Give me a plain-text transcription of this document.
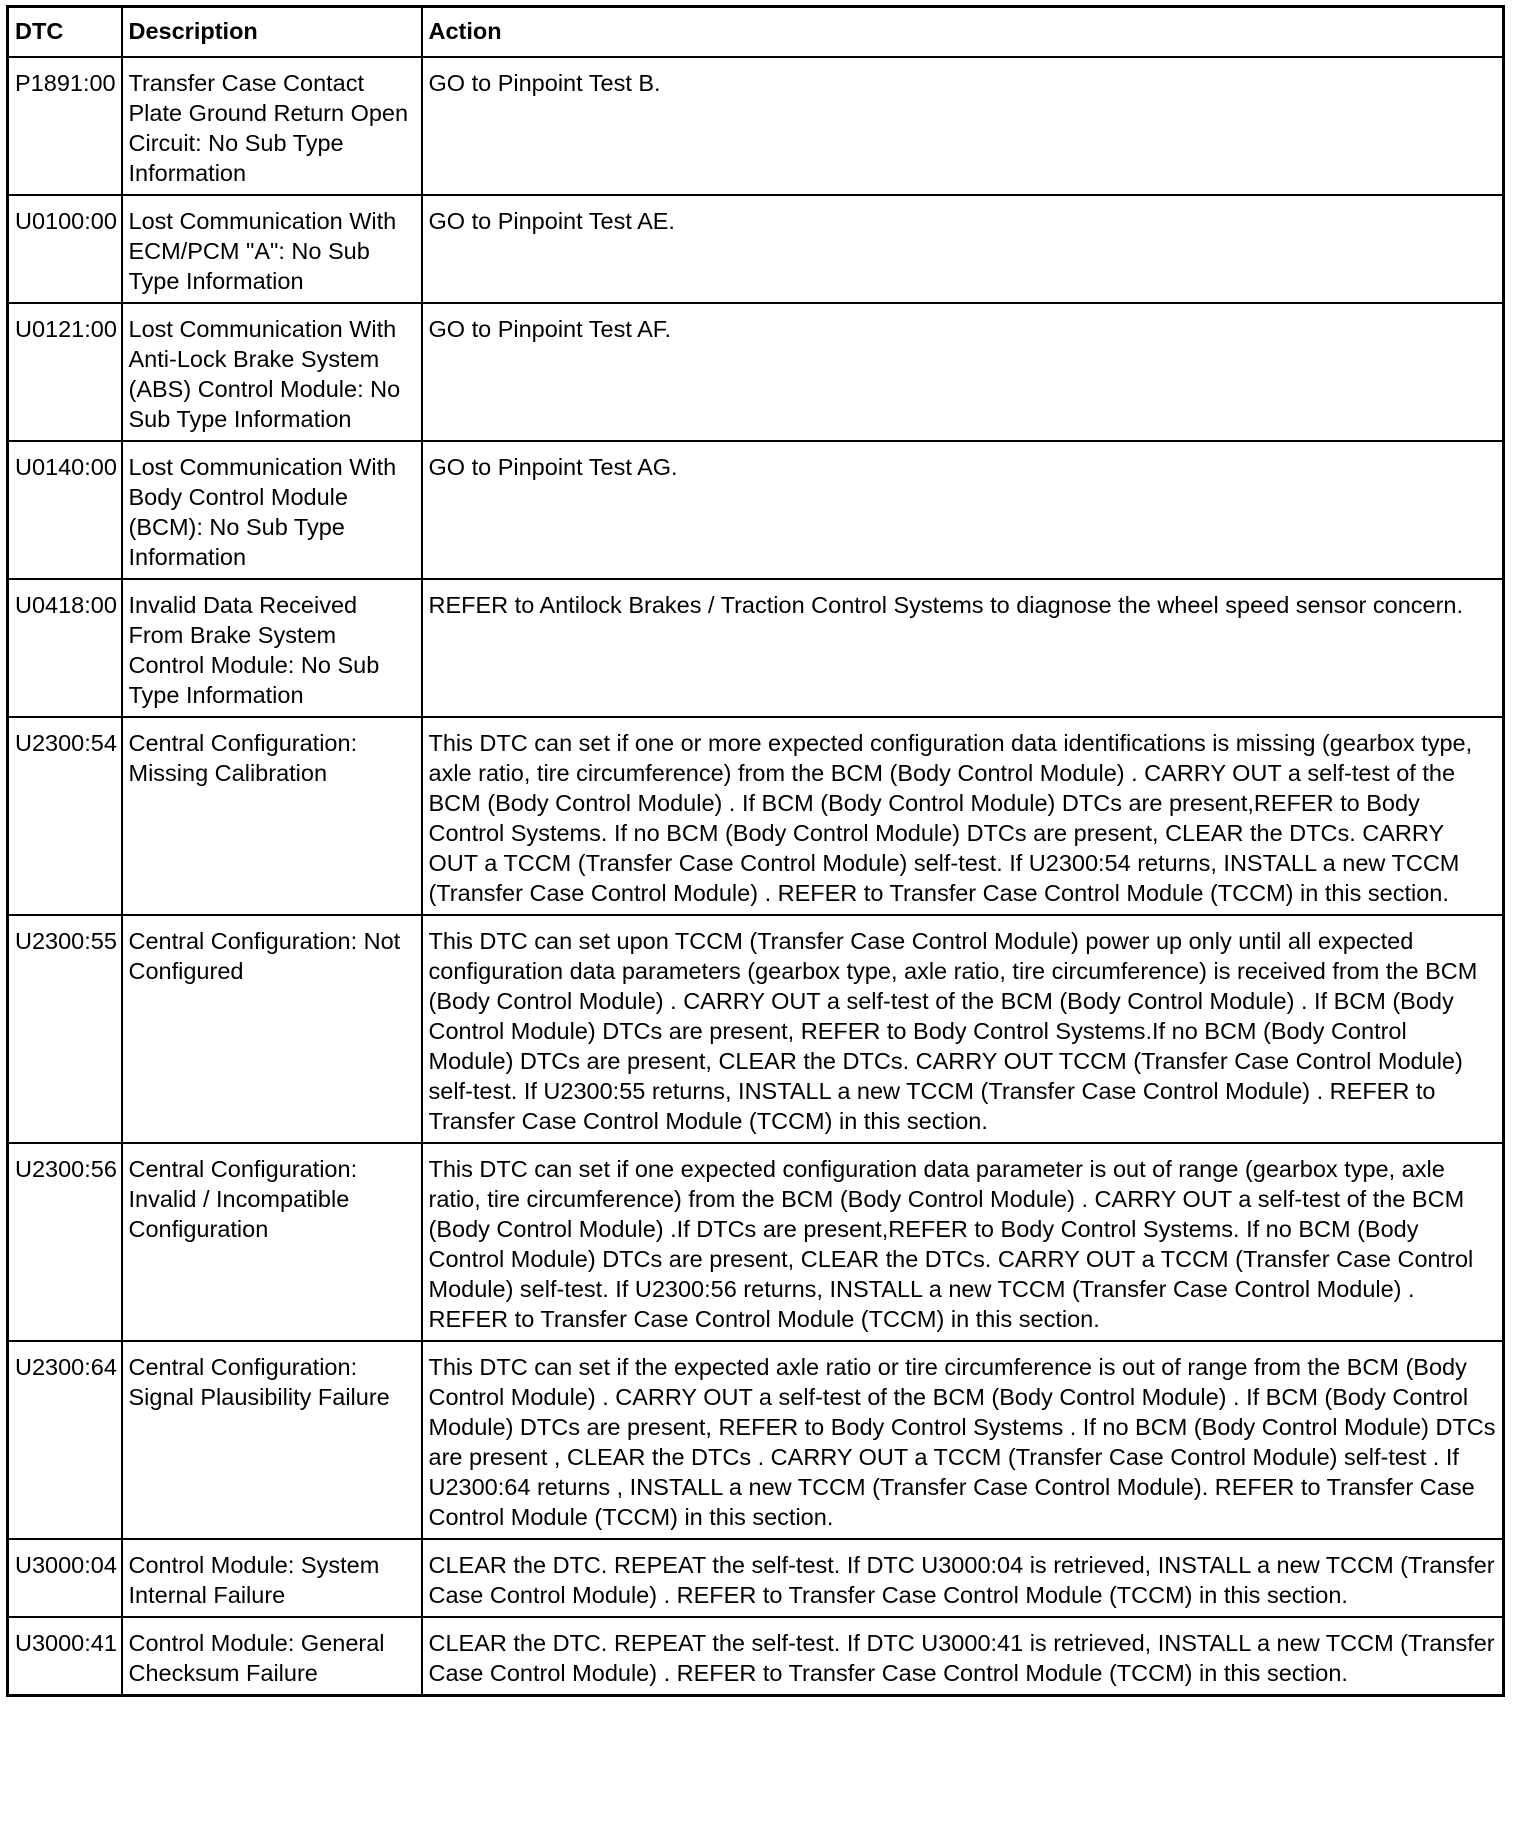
DTC	Description	Action
P1891:00	Transfer Case Contact Plate Ground Return Open Circuit: No Sub Type Information	GO to Pinpoint Test B.
U0100:00	Lost Communication With ECM/PCM "A": No Sub Type Information	GO to Pinpoint Test AE.
U0121:00	Lost Communication With Anti-Lock Brake System (ABS) Control Module: No Sub Type Information	GO to Pinpoint Test AF.
U0140:00	Lost Communication With Body Control Module (BCM): No Sub Type Information	GO to Pinpoint Test AG.
U0418:00	Invalid Data Received From Brake System Control Module: No Sub Type Information	REFER to Antilock Brakes / Traction Control Systems to diagnose the wheel speed sensor concern.
U2300:54	Central Configuration: Missing Calibration	This DTC can set if one or more expected configuration data identifications is missing (gearbox type, axle ratio, tire circumference) from the BCM (Body Control Module) . CARRY OUT a self-test of the BCM (Body Control Module) . If BCM (Body Control Module) DTCs are present,REFER to Body Control Systems. If no BCM (Body Control Module) DTCs are present, CLEAR the DTCs. CARRY OUT a TCCM (Transfer Case Control Module) self-test. If U2300:54 returns, INSTALL a new TCCM (Transfer Case Control Module) . REFER to Transfer Case Control Module (TCCM) in this section.
U2300:55	Central Configuration: Not Configured	This DTC can set upon TCCM (Transfer Case Control Module) power up only until all expected configuration data parameters (gearbox type, axle ratio, tire circumference) is received from the BCM (Body Control Module) . CARRY OUT a self-test of the BCM (Body Control Module) . If BCM (Body Control Module) DTCs are present, REFER to Body Control Systems.If no BCM (Body Control Module) DTCs are present, CLEAR the DTCs. CARRY OUT TCCM (Transfer Case Control Module) self-test. If U2300:55 returns, INSTALL a new TCCM (Transfer Case Control Module) . REFER to Transfer Case Control Module (TCCM) in this section.
U2300:56	Central Configuration: Invalid / Incompatible Configuration	This DTC can set if one expected configuration data parameter is out of range (gearbox type, axle ratio, tire circumference) from the BCM (Body Control Module) . CARRY OUT a self-test of the BCM (Body Control Module) .If DTCs are present,REFER to Body Control Systems. If no BCM (Body Control Module) DTCs are present, CLEAR the DTCs. CARRY OUT a TCCM (Transfer Case Control Module) self-test. If U2300:56 returns, INSTALL a new TCCM (Transfer Case Control Module) . REFER to Transfer Case Control Module (TCCM) in this section.
U2300:64	Central Configuration: Signal Plausibility Failure	This DTC can set if the expected axle ratio or tire circumference is out of range from the BCM (Body Control Module) . CARRY OUT a self-test of the BCM (Body Control Module) . If BCM (Body Control Module) DTCs are present, REFER to Body Control Systems . If no BCM (Body Control Module) DTCs are present , CLEAR the DTCs . CARRY OUT a TCCM (Transfer Case Control Module) self-test . If U2300:64 returns , INSTALL a new TCCM (Transfer Case Control Module). REFER to Transfer Case Control Module (TCCM) in this section.
U3000:04	Control Module: System Internal Failure	CLEAR the DTC. REPEAT the self-test. If DTC U3000:04 is retrieved, INSTALL a new TCCM (Transfer Case Control Module) . REFER to Transfer Case Control Module (TCCM) in this section.
U3000:41	Control Module: General Checksum Failure	CLEAR the DTC. REPEAT the self-test. If DTC U3000:41 is retrieved, INSTALL a new TCCM (Transfer Case Control Module) . REFER to Transfer Case Control Module (TCCM) in this section.
